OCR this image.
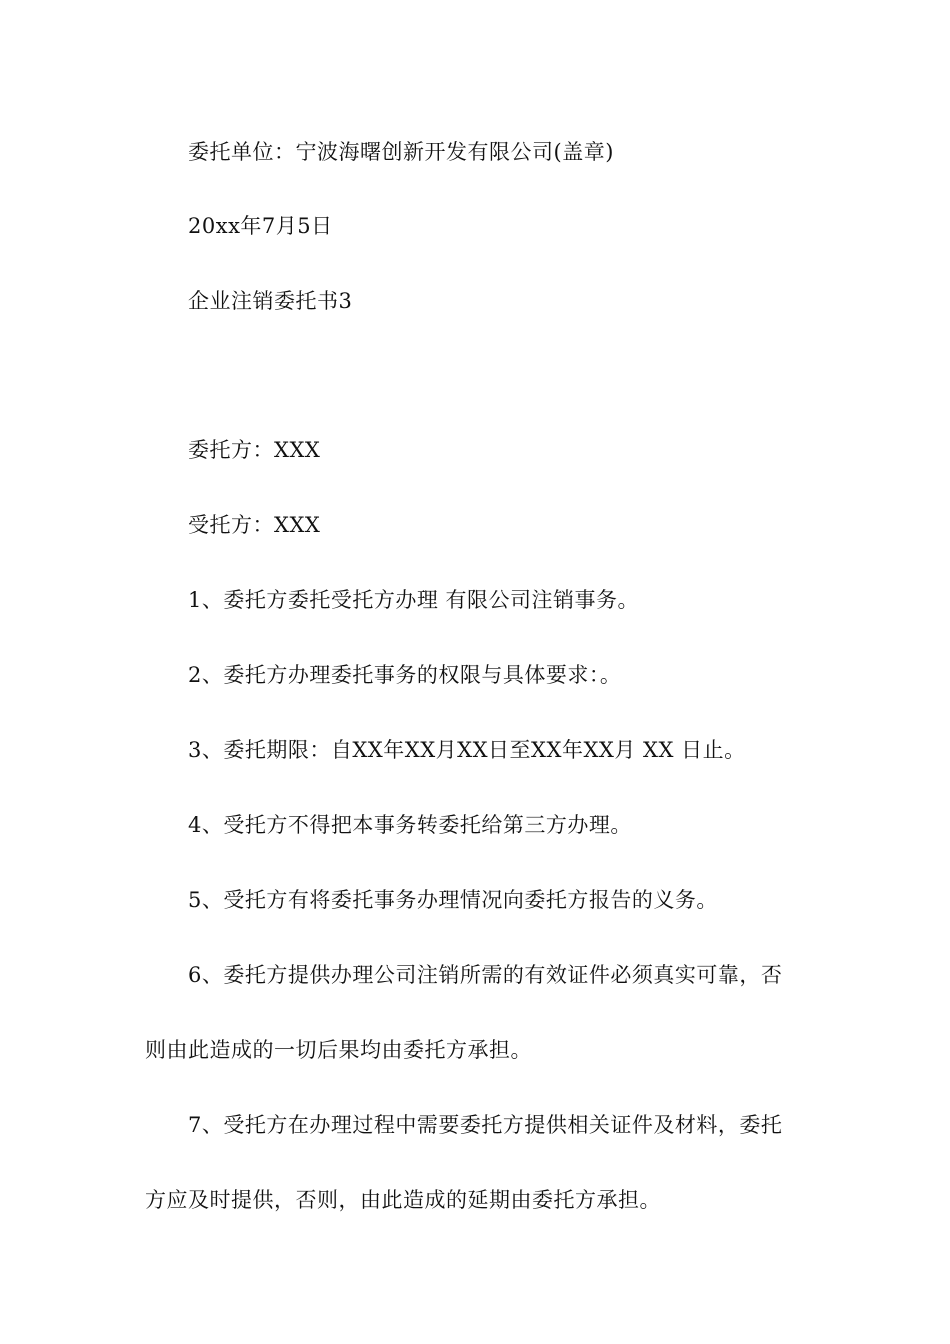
委托单位：宁波海曙创新开发有限公司(盖章)
20xx年7月5日
企业注销委托书3
委托方：XXX
受托方：XXX
1、委托方委托受托方办理 有限公司注销事务。
2、委托方办理委托事务的权限与具体要求：。
3、委托期限：自XX年XX月XX日至XX年XX月 XX 日止。
4、受托方不得把本事务转委托给第三方办理。
5、受托方有将委托事务办理情况向委托方报告的义务。
6、委托方提供办理公司注销所需的有效证件必须真实可靠，否
则由此造成的一切后果均由委托方承担。
7、受托方在办理过程中需要委托方提供相关证件及材料，委托
方应及时提供，否则，由此造成的延期由委托方承担。
